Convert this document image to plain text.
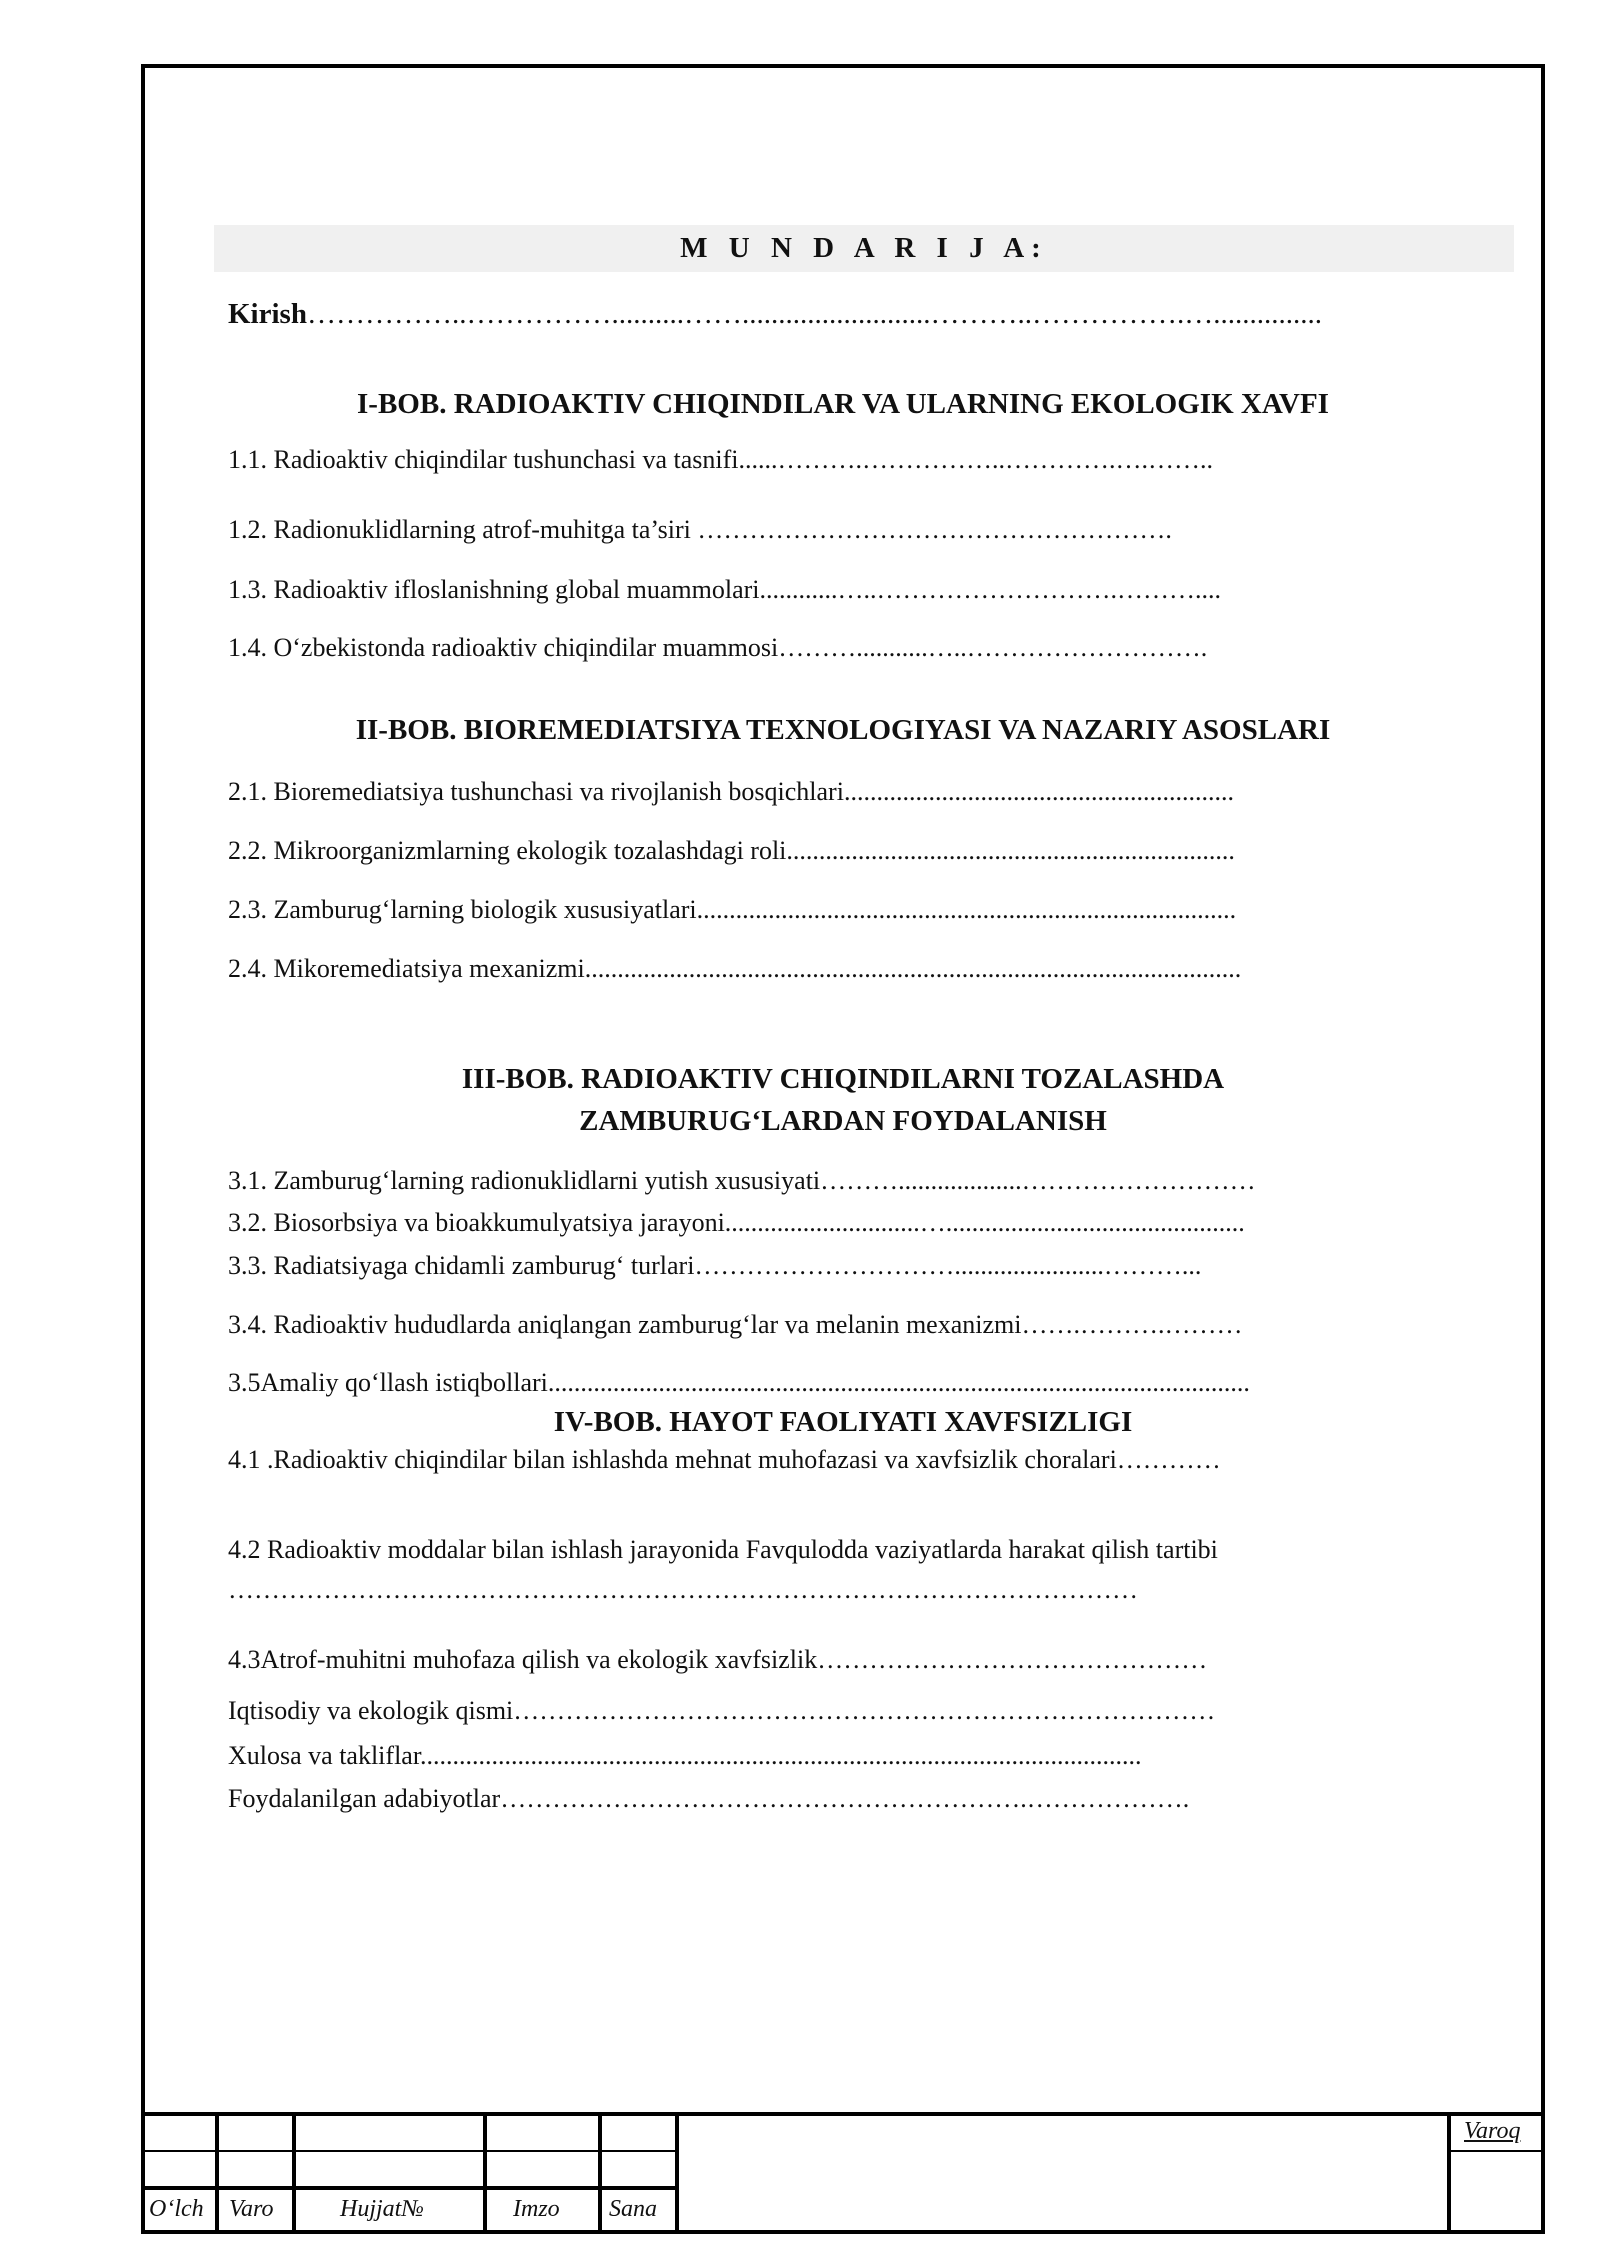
M U N D A R I J A:
Kirish……………..……………..........……..........................………..…………….…...............
I-BOB. RADIOAKTIV CHIQINDILAR VA ULARNING EKOLOGIK XAVFI
1.1. Radioaktiv chiqindilar tushunchasi va tasnifi......……….……………..………….….……..
1.2. Radionuklidlarning atrof-muhitga ta’siri ……………………………………………….
1.3. Radioaktiv ifloslanishning global muammolari............…..……………………….………....
1.4. O‘zbekistonda radioaktiv chiqindilar muammosi………...........…..……………………….
II-BOB. BIOREMEDIATSIYA TEXNOLOGIYASI VA NAZARIY ASOSLARI
2.1. Bioremediatsiya tushunchasi va rivojlanish bosqichlari............................................................
2.2. Mikroorganizmlarning ekologik tozalashdagi roli.....................................................................
2.3. Zamburug‘larning biologik xususiyatlari...................................................................................
2.4. Mikoremediatsiya mexanizmi.....................................................................................................
III-BOB. RADIOAKTIV CHIQINDILARNI TOZALASHDA
ZAMBURUG‘LARDAN FOYDALANISH
3.1. Zamburug‘larning radionuklidlarni yutish xususiyati………...................………………………
3.2. Biosorbsiya va bioakkumulyatsiya jarayoni..............................…..............................................
3.3. Radiatsiyaga chidamli zamburug‘ turlari………………………….......................………...
3.4. Radioaktiv hududlarda aniqlangan zamburug‘lar va melanin mexanizmi…….……….………
3.5Amaliy qo‘llash istiqbollari............................................................................................................
IV-BOB. HAYOT FAOLIYATI XAVFSIZLIGI
4.1 .Radioaktiv chiqindilar bilan ishlashda mehnat muhofazasi va xavfsizlik choralari…………
4.2 Radioaktiv moddalar bilan ishlash jarayonida Favqulodda vaziyatlarda harakat qilish tartibi
……………………………………………………………………………………………
4.3Atrof-muhitni muhofaza qilish va ekologik xavfsizlik………………………………………
Iqtisodiy va ekologik qismi………………………………………………………………………
Xulosa va takliflar...............................................................................................................
Foydalanilgan adabiyotlar…………………………………………………….……………….
O‘lch Varo	Hujjat№	Imzo Sana
Varoq
